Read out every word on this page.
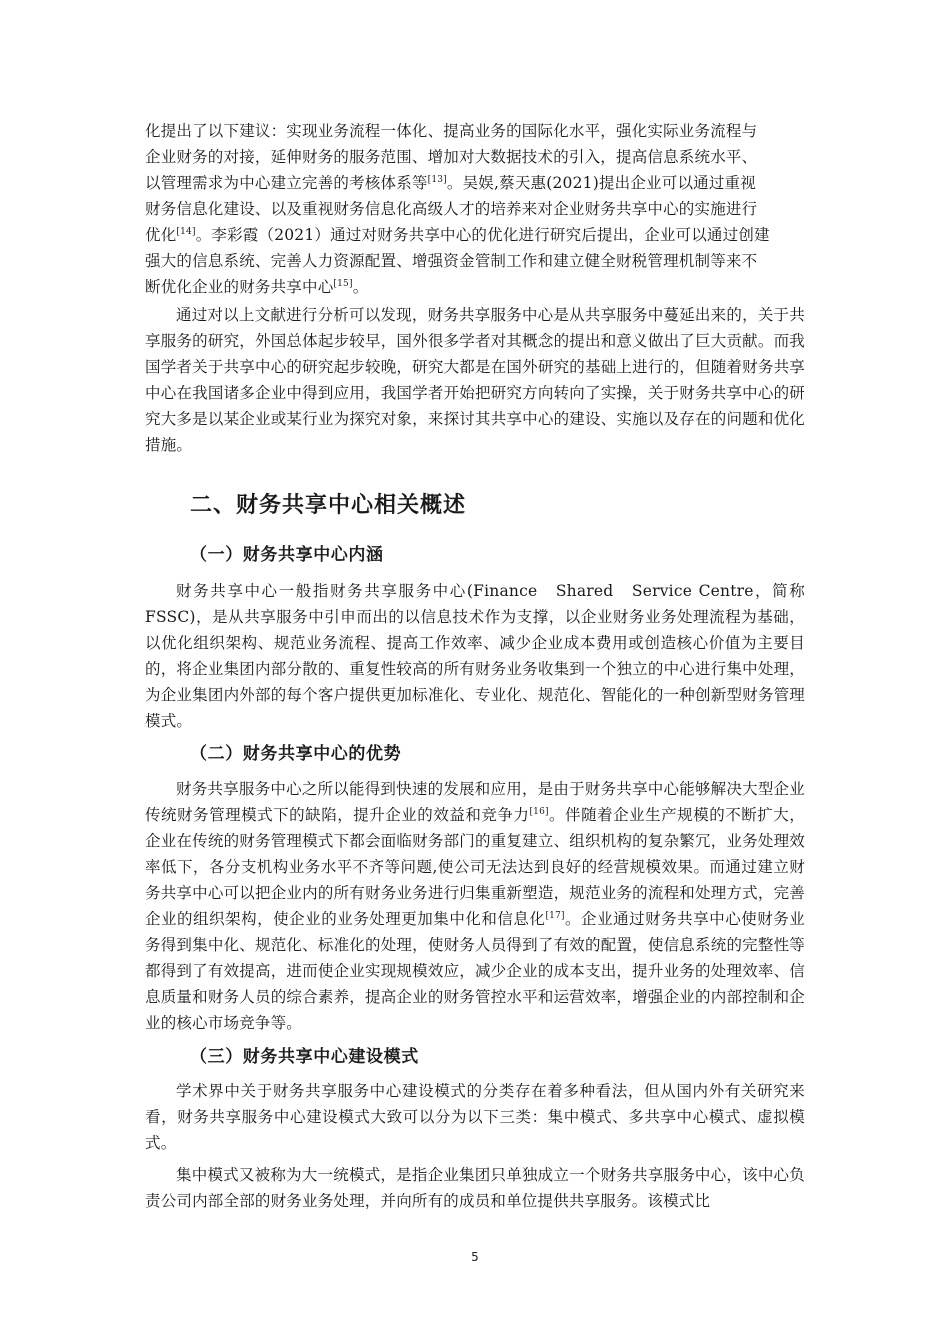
化提出了以下建议：实现业务流程一体化、提高业务的国际化水平，强化实际业务流程与

企业财务的对接，延伸财务的服务范围、增加对大数据技术的引入，提高信息系统水平、

以管理需求为中心建立完善的考核体系等[13]。吴娱,蔡天惠(2021)提出企业可以通过重视

财务信息化建设、以及重视财务信息化高级人才的培养来对企业财务共享中心的实施进行

优化[14]。李彩霞（2021）通过对财务共享中心的优化进行研究后提出，企业可以通过创建

强大的信息系统、完善人力资源配置、增强资金管制工作和建立健全财税管理机制等来不

断优化企业的财务共享中心[15]。

通过对以上文献进行分析可以发现，财务共享服务中心是从共享服务中蔓延出来的，关于共享服务的研究，外国总体起步较早，国外很多学者对其概念的提出和意义做出了巨大贡献。而我国学者关于共享中心的研究起步较晚，研究大都是在国外研究的基础上进行的，但随着财务共享中心在我国诸多企业中得到应用，我国学者开始把研究方向转向了实操，关于财务共享中心的研究大多是以某企业或某行业为探究对象，来探讨其共享中心的建设、实施以及存在的问题和优化措施。

二、财务共享中心相关概述
（一）财务共享中心内涵

财务共享中心一般指财务共享服务中心(Finance　Shared　Service Centre，简称FSSC)，是从共享服务中引申而出的以信息技术作为支撑，以企业财务业务处理流程为基础，以优化组织架构、规范业务流程、提高工作效率、减少企业成本费用或创造核心价值为主要目的，将企业集团内部分散的、重复性较高的所有财务业务收集到一个独立的中心进行集中处理，为企业集团内外部的每个客户提供更加标准化、专业化、规范化、智能化的一种创新型财务管理模式。

（二）财务共享中心的优势

财务共享服务中心之所以能得到快速的发展和应用，是由于财务共享中心能够解决大型企业传统财务管理模式下的缺陷，提升企业的效益和竞争力[16]。伴随着企业生产规模的不断扩大，企业在传统的财务管理模式下都会面临财务部门的重复建立、组织机构的复杂繁冗，业务处理效率低下，各分支机构业务水平不齐等问题,使公司无法达到良好的经营规模效果。而通过建立财务共享中心可以把企业内的所有财务业务进行归集重新塑造，规范业务的流程和处理方式，完善企业的组织架构，使企业的业务处理更加集中化和信息化[17]。企业通过财务共享中心使财务业务得到集中化、规范化、标准化的处理，使财务人员得到了有效的配置，使信息系统的完整性等都得到了有效提高，进而使企业实现规模效应，减少企业的成本支出，提升业务的处理效率、信息质量和财务人员的综合素养，提高企业的财务管控水平和运营效率，增强企业的内部控制和企业的核心市场竞争等。

（三）财务共享中心建设模式

学术界中关于财务共享服务中心建设模式的分类存在着多种看法，但从国内外有关研究来看，财务共享服务中心建设模式大致可以分为以下三类：集中模式、多共享中心模式、虚拟模式。

集中模式又被称为大一统模式，是指企业集团只单独成立一个财务共享服务中心，该中心负责公司内部全部的财务业务处理，并向所有的成员和单位提供共享服务。该模式比

5
